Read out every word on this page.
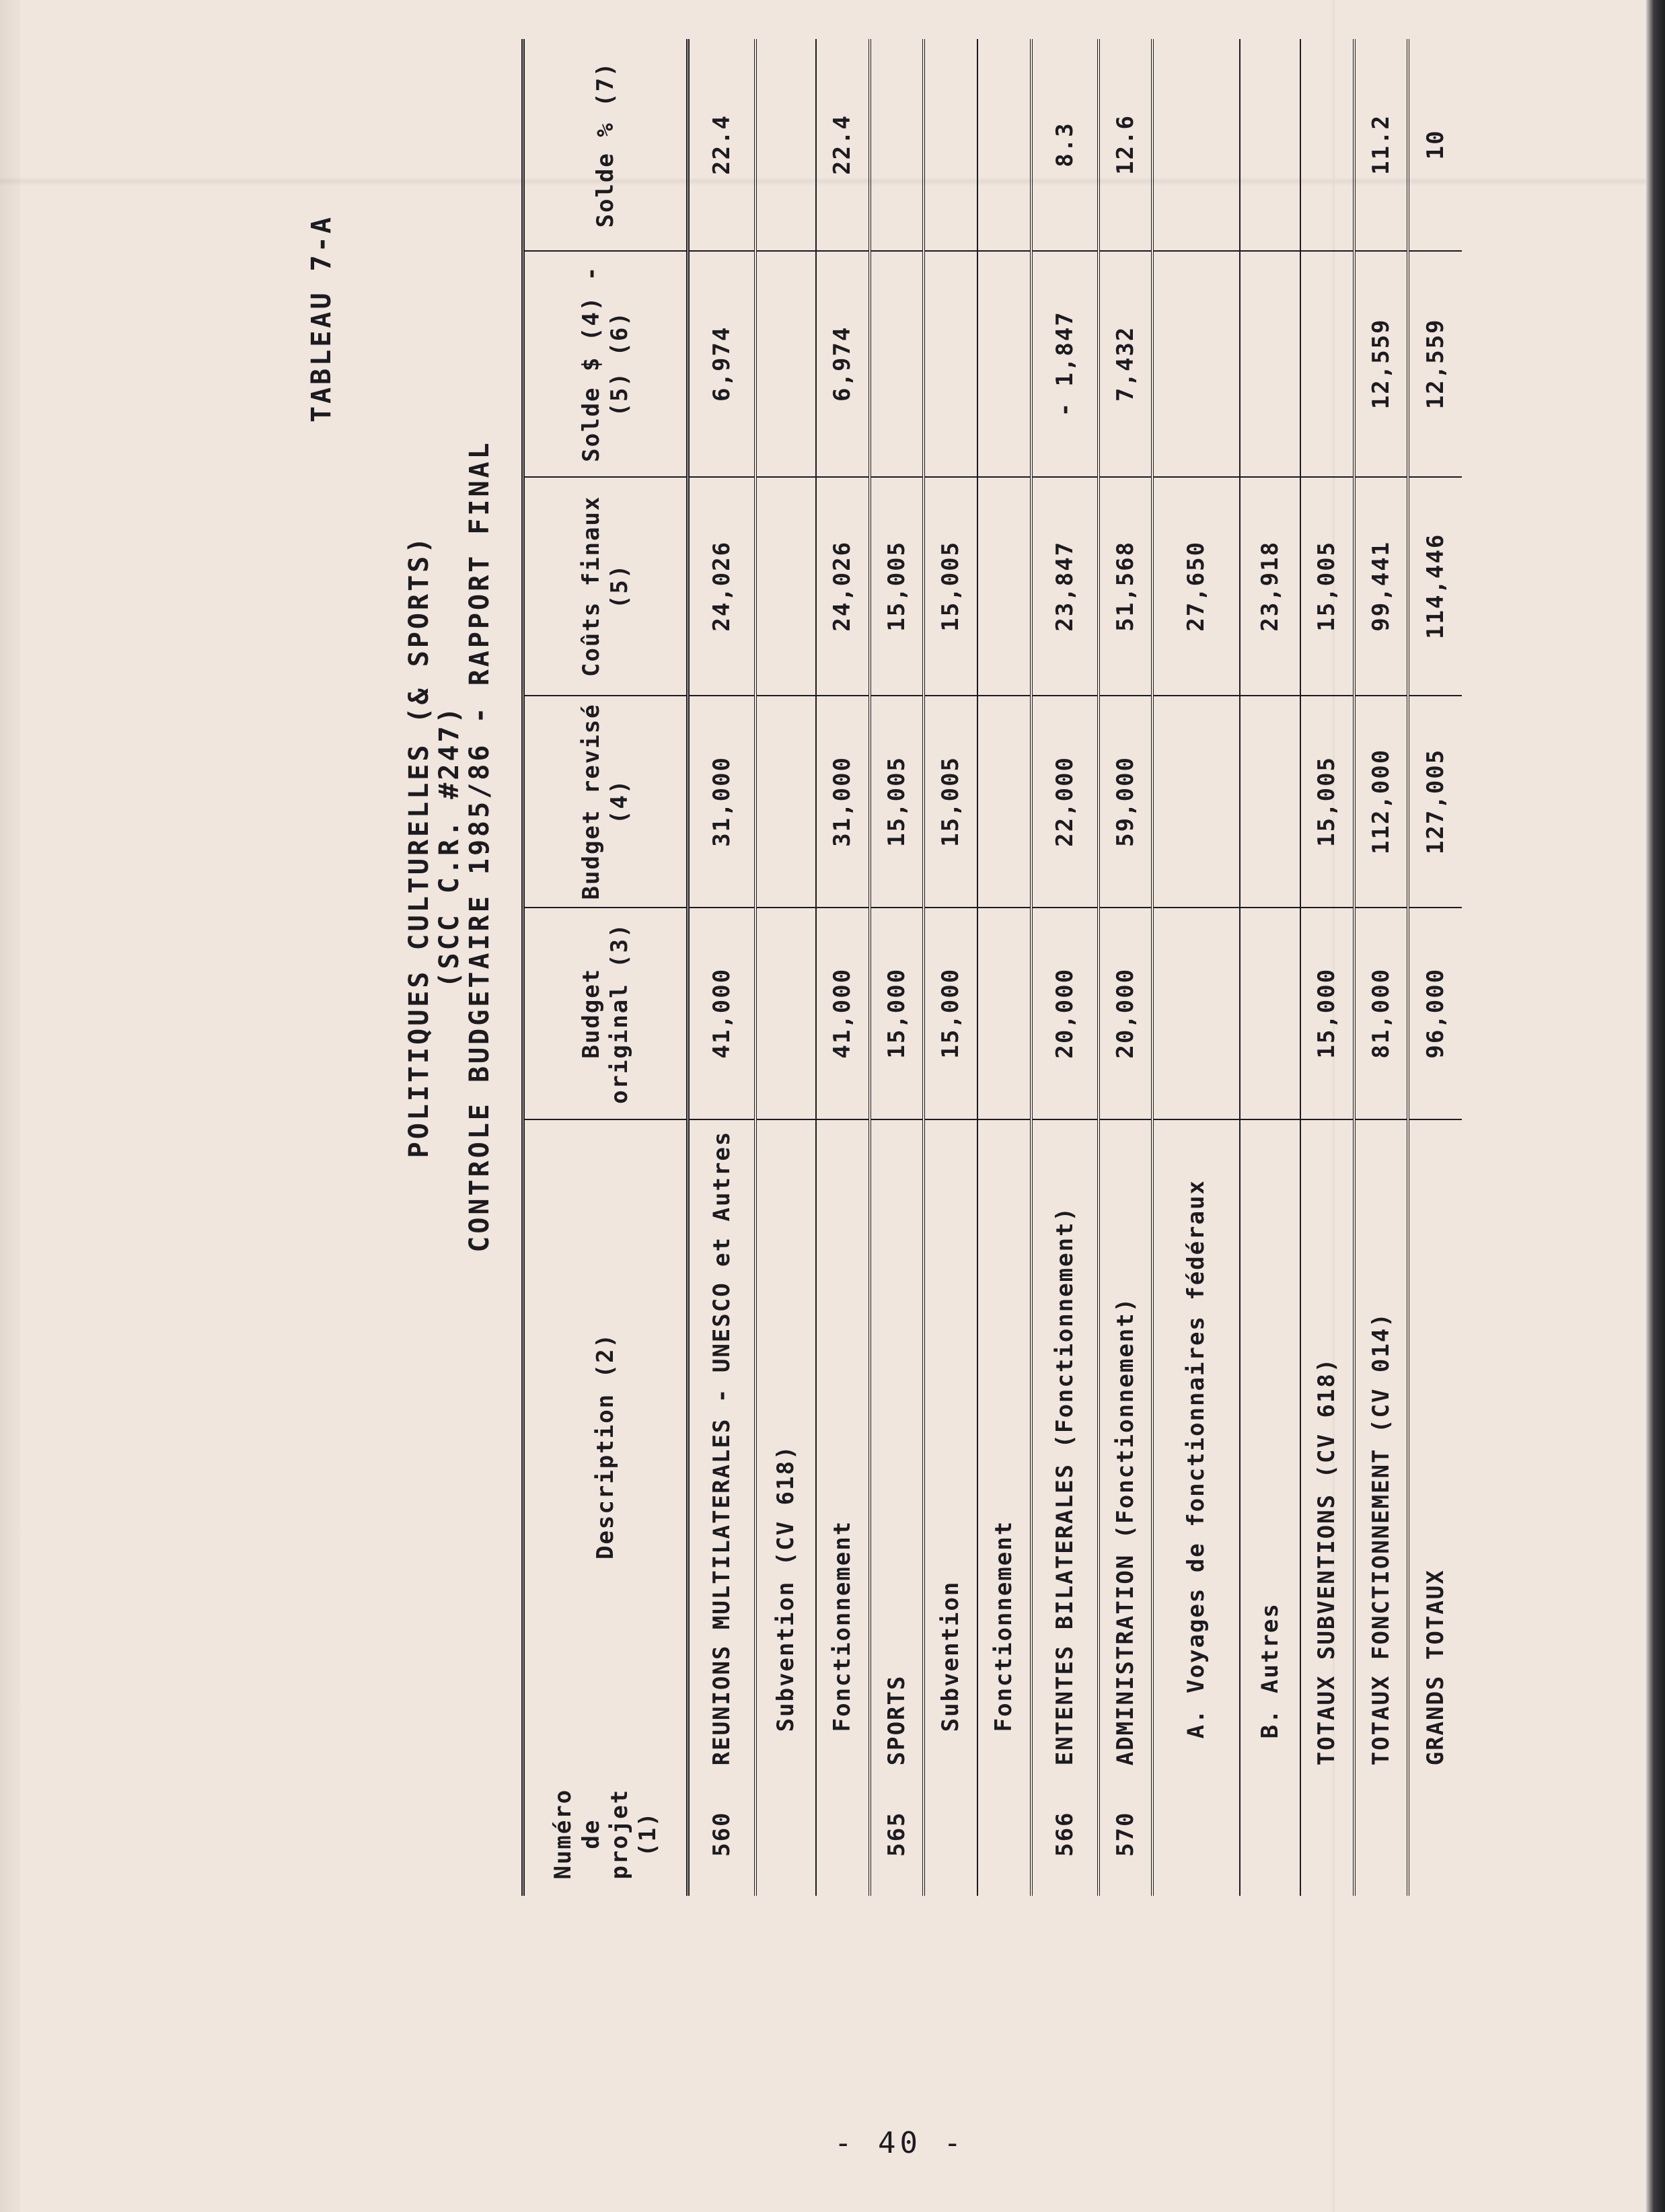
POLITIQUES CULTURELLES (& SPORTS) (SCC C.R. #247) CONTROLE BUDGETAIRE 1985/86 - RAPPORT FINAL
TABLEAU 7-A
Numéro de projet (1)	Description (2)	Budget original (3)	Budget revisé (4)	Coûts finaux (5)	Solde $ (4) -(5) (6)	Solde % (7)
560	REUNIONS MULTILATERALES - UNESCO et Autres	41,000	31,000	24,026	6,974	22.4
	Subvention (CV 618)					
	Fonctionnement	41,000	31,000	24,026	6,974	22.4
565	SPORTS	15,000	15,005	15,005		
	Subvention	15,000	15,005	15,005		
	Fonctionnement					
566	ENTENTES BILATERALES (Fonctionnement)	20,000	22,000	23,847	- 1,847	8.3
570	ADMINISTRATION (Fonctionnement)	20,000	59,000	51,568	7,432	12.6
	A. Voyages de fonctionnaires fédéraux			27,650		
	B. Autres			23,918		
	TOTAUX SUBVENTIONS (CV 618)	15,000	15,005	15,005		
	TOTAUX FONCTIONNEMENT (CV 014)	81,000	112,000	99,441	12,559	11.2
	GRANDS TOTAUX	96,000	127,005	114,446	12,559	10
- 40 -
